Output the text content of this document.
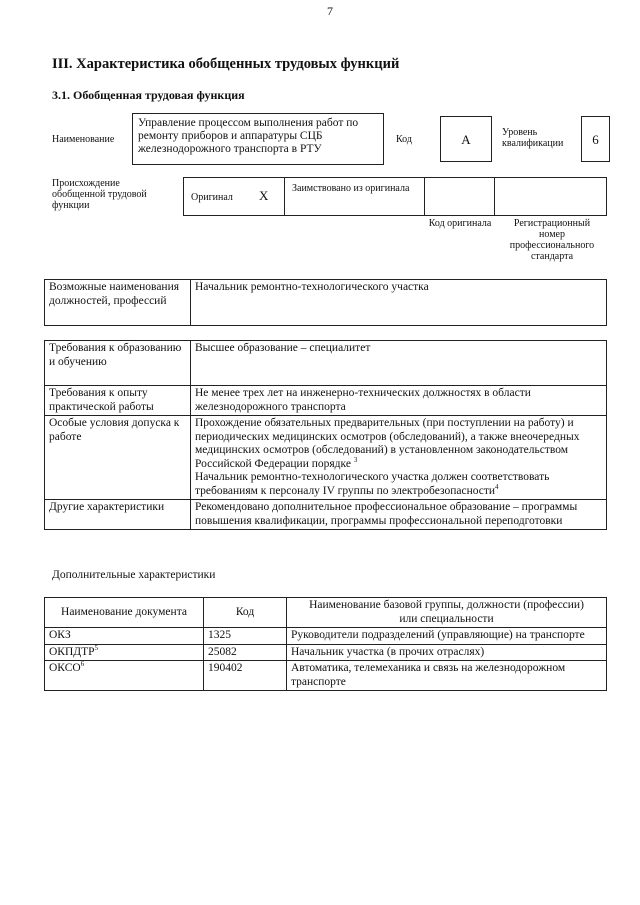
7
III. Характеристика обобщенных трудовых функций
3.1. Обобщенная трудовая функция
Наименование
Управление процессом выполнения работ по ремонту приборов и аппаратуры СЦБ железнодорожного транспорта в РТУ
Код	А	Уровень квалификации	6
Происхождение обобщенной трудовой функции
Оригинал Х Заимствовано из оригинала
Код оригинала	Регистрационный номер профессионального стандарта
Возможные наименования должностей, профессий	Начальник ремонтно-технологического участка
Требования к образованию и обучению	Высшее образование – специалитет
Требования к опыту практической работы	Не менее трех лет на инженерно-технических должностях в области железнодорожного транспорта
Особые условия допуска к работе	Прохождение обязательных предварительных (при поступлении на работу) и периодических медицинских осмотров (обследований), а также внеочередных медицинских осмотров (обследований) в установленном законодательством Российской Федерации порядке $^3$
Начальник ремонтно-технологического участка должен соответствовать требованиям к персоналу IV группы по электробезопасности$^4$

Другие характеристики	Рекомендовано дополнительное профессиональное образование – программы повышения квалификации, программы профессиональной переподготовки
Дополнительные характеристики
Наименование документа	Код	Наименование базовой группы, должности (профессии) или специальности
ОКЗ	1325	Руководители подразделений (управляющие) на транспорте
ОКПДТР$^5$	25082	Начальник участка (в прочих отраслях)
ОКСО$^6$	190402	Автоматика, телемеханика и связь на железнодорожном транспорте
